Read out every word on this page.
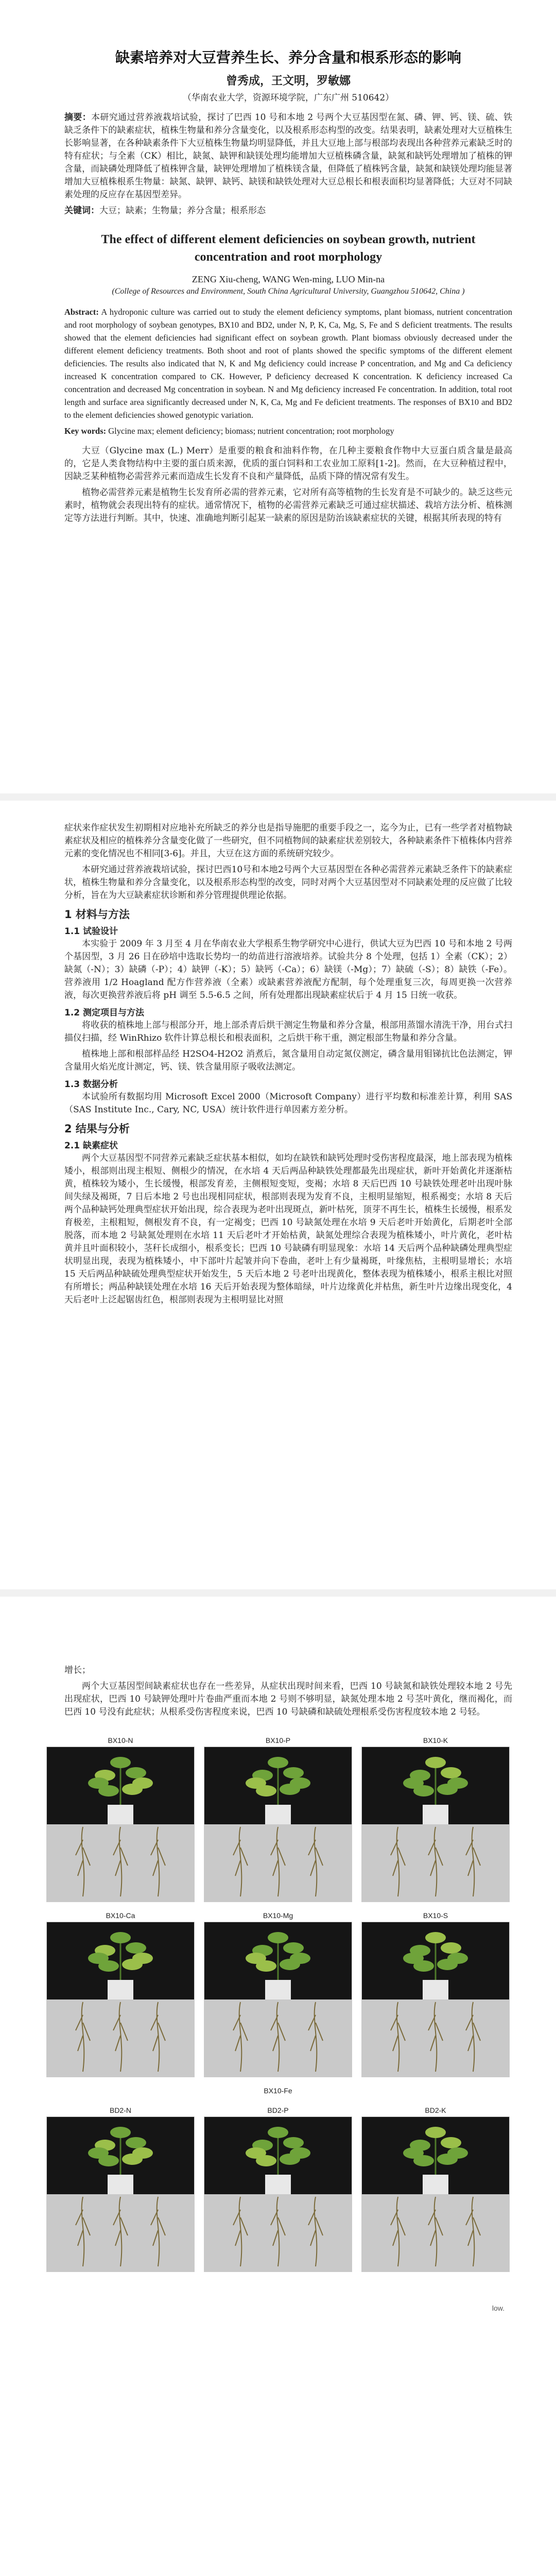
缺素培养对大豆营养生长、养分含量和根系形态的影响
曾秀成，王文明，罗敏娜
（华南农业大学，资源环境学院，广东广州 510642）

摘要：本研究通过营养液栽培试验，探讨了巴西 10 号和本地 2 号两个大豆基因型在氮、磷、钾、钙、镁、硫、铁缺乏条件下的缺素症状，植株生物量和养分含量变化，以及根系形态构型的改变。结果表明，缺素处理对大豆植株生长影响显著，在各种缺素条件下大豆植株生物量均明显降低，并且大豆地上部与根部均表现出各种营养元素缺乏时的特有症状；与全素（CK）相比，缺氮、缺钾和缺镁处理均能增加大豆植株磷含量，缺氮和缺钙处理增加了植株的钾含量，而缺磷处理降低了植株钾含量，缺钾处理增加了植株镁含量，但降低了植株钙含量，缺氮和缺镁处理均能显著增加大豆植株根系生物量：缺氮、缺钾、缺钙、缺镁和缺铁处理对大豆总根长和根表面积均显著降低；大豆对不同缺素处理的反应存在基因型差异。

关键词：大豆；缺素；生物量；养分含量；根系形态

The effect of different element deficiencies on soybean growth, nutrient concentration and root morphology
ZENG Xiu-cheng, WANG Wen-ming, LUO Min-na
(College of Resources and Environment, South China Agricultural University, Guangzhou 510642, China )

Abstract: A hydroponic culture was carried out to study the element deficiency symptoms, plant biomass, nutrient concentration and root morphology of soybean genotypes, BX10 and BD2, under N, P, K, Ca, Mg, S, Fe and S deficient treatments. The results showed that the element deficiencies had significant effect on soybean growth. Plant biomass obviously decreased under the different element deficiency treatments. Both shoot and root of plants showed the specific symptoms of the different element deficiencies. The results also indicated that N, K and Mg deficiency could increase P concentration, and Mg and Ca deficiency increased K concentration compared to CK. However, P deficiency decreased K concentration. K deficiency increased Ca concentration and decreased Mg concentration in soybean. N and Mg deficiency increased Fe concentration. In addition, total root length and surface area significantly decreased under N, K, Ca, Mg and Fe deficient treatments. The responses of BX10 and BD2 to the element deficiencies showed genotypic variation.

Key words: Glycine max; element deficiency; biomass; nutrient concentration; root morphology

大豆（Glycine max (L.) Merr）是重要的粮食和油料作物，在几种主要粮食作物中大豆蛋白质含量是最高的，它是人类食物结构中主要的蛋白质来源，优质的蛋白饲料和工农业加工原料[1-2]。然而，在大豆种植过程中，因缺乏某种植物必需营养元素而造成生长发育不良和产量降低，品质下降的情况常有发生。

植物必需营养元素是植物生长发育所必需的营养元素，它对所有高等植物的生长发育是不可缺少的。缺乏这些元素时，植物就会表现出特有的症状。通常情况下，植物的必需营养元素缺乏可通过症状描述、栽培方法分析、植株测定等方法进行判断。其中，快速、准确地判断引起某一缺素的原因是防治该缺素症状的关键，根据其所表现的特有

症状来作症状发生初期相对应地补充所缺乏的养分也是指导施肥的重要手段之一，迄今为止，已有一些学者对植物缺素症状及相应的植株养分含量变化做了一些研究，但不同植物间的缺素症状差别较大，各种缺素条件下植株体内营养元素的变化情况也不相同[3-6]。并且，大豆在这方面的系统研究较少。

本研究通过营养液栽培试验，探讨巴西10号和本地2号两个大豆基因型在各种必需营养元素缺乏条件下的缺素症状，植株生物量和养分含量变化，以及根系形态构型的改变，同时对两个大豆基因型对不同缺素处理的反应做了比较分析，旨在为大豆缺素症状诊断和养分管理提供理论依据。

1 材料与方法
1.1 试验设计

本实验于 2009 年 3 月至 4 月在华南农业大学根系生物学研究中心进行，供试大豆为巴西 10 号和本地 2 号两个基因型，3 月 26 日在砂培中选取长势均一的幼苗进行溶液培养。试验共分 8 个处理，包括 1）全素（CK）；2）缺氮（-N）；3）缺磷（-P）；4）缺钾（-K）；5）缺钙（-Ca）；6）缺镁（-Mg）；7）缺硫（-S）；8）缺铁（-Fe）。营养液用 1/2 Hoagland 配方作营养液（全素）或缺素营养液配方配制，每个处理重复三次，每周更换一次营养液，每次更换营养液后将 pH 调至 5.5-6.5 之间，所有处理都出现缺素症状后于 4 月 15 日统一收获。

1.2 测定项目与方法

将收获的植株地上部与根部分开，地上部杀青后烘干测定生物量和养分含量，根部用蒸馏水清洗干净，用台式扫描仪扫描，经 WinRhizo 软件计算总根长和根表面积，之后烘干称干重，测定根部生物量和养分含量。

植株地上部和根部样品经 H2SO4-H2O2 消煮后，氮含量用自动定氮仪测定，磷含量用钼锑抗比色法测定，钾含量用火焰光度计测定，钙、镁、铁含量用原子吸收法测定。

1.3 数据分析

本试验所有数据均用 Microsoft Excel 2000（Microsoft Company）进行平均数和标准差计算，利用 SAS（SAS Institute Inc., Cary, NC, USA）统计软件进行单因素方差分析。

2 结果与分析
2.1 缺素症状

两个大豆基因型不同营养元素缺乏症状基本相似，如均在缺铁和缺钙处理时受伤害程度最深，地上部表现为植株矮小，根部则出现主根短、侧根少的情况，在水培 4 天后两品种缺铁处理都最先出现症状，新叶开始黄化并逐渐枯黄，植株较为矮小，生长缓慢，根部发育差，主侧根短变短，变褐；水培 8 天后巴西 10 号缺铁处理老叶出现叶脉间失绿及褐斑，7 日后本地 2 号也出现相同症状，根部则表现为发育不良，主根明显缩短，根系褐变；水培 8 天后两个品种缺钙处理典型症状开始出现，综合表现为老叶出现斑点，新叶枯死，顶芽不再生长，植株生长缓慢，根系发育极差，主根粗短，侧根发育不良，有一定褐变；巴西 10 号缺氮处理在水培 9 天后老叶开始黄化，后期老叶全部脱落，而本地 2 号缺氮处理则在水培 11 天后老叶才开始枯黄，缺氮处理综合表现为植株矮小，叶片黄化，老叶枯黄并且叶面积较小，茎秆长成细小，根系变长；巴西 10 号缺磷有明显现象：水培 14 天后两个品种缺磷处理典型症状明显出现，表现为植株矮小，中下部叶片起皱并向下卷曲，老叶上有少量褐斑，叶缘焦枯，主根明显增长；水培 15 天后两品种缺硫处理典型症状开始发生，5 天后本地 2 号老叶出现黄化，整体表现为植株矮小，根系主根比对照有所增长；两品种缺镁处理在水培 16 天后开始表现为整体暗绿，叶片边缘黄化并枯焦，新生叶片边缘出现变化，4 天后老叶上泛起锯齿红色，根部则表现为主根明显比对照

增长；

两个大豆基因型间缺素症状也存在一些差异，从症状出现时间来看，巴西 10 号缺氮和缺铁处理较本地 2 号先出现症状，巴西 10 号缺钾处理叶片卷曲严重而本地 2 号则不够明显，缺氮处理本地 2 号茎叶黄化，继而褐化，而巴西 10 号没有此症状；从根系受伤害程度来说，巴西 10 号缺磷和缺硫处理根系受伤害程度较本地 2 号轻。

BX10-N	BX10-P	BX10-K
BX10-Ca	BX10-Mg	BX10-S
BX10-Fe
BD2-N	BD2-P	BD2-K
low.
